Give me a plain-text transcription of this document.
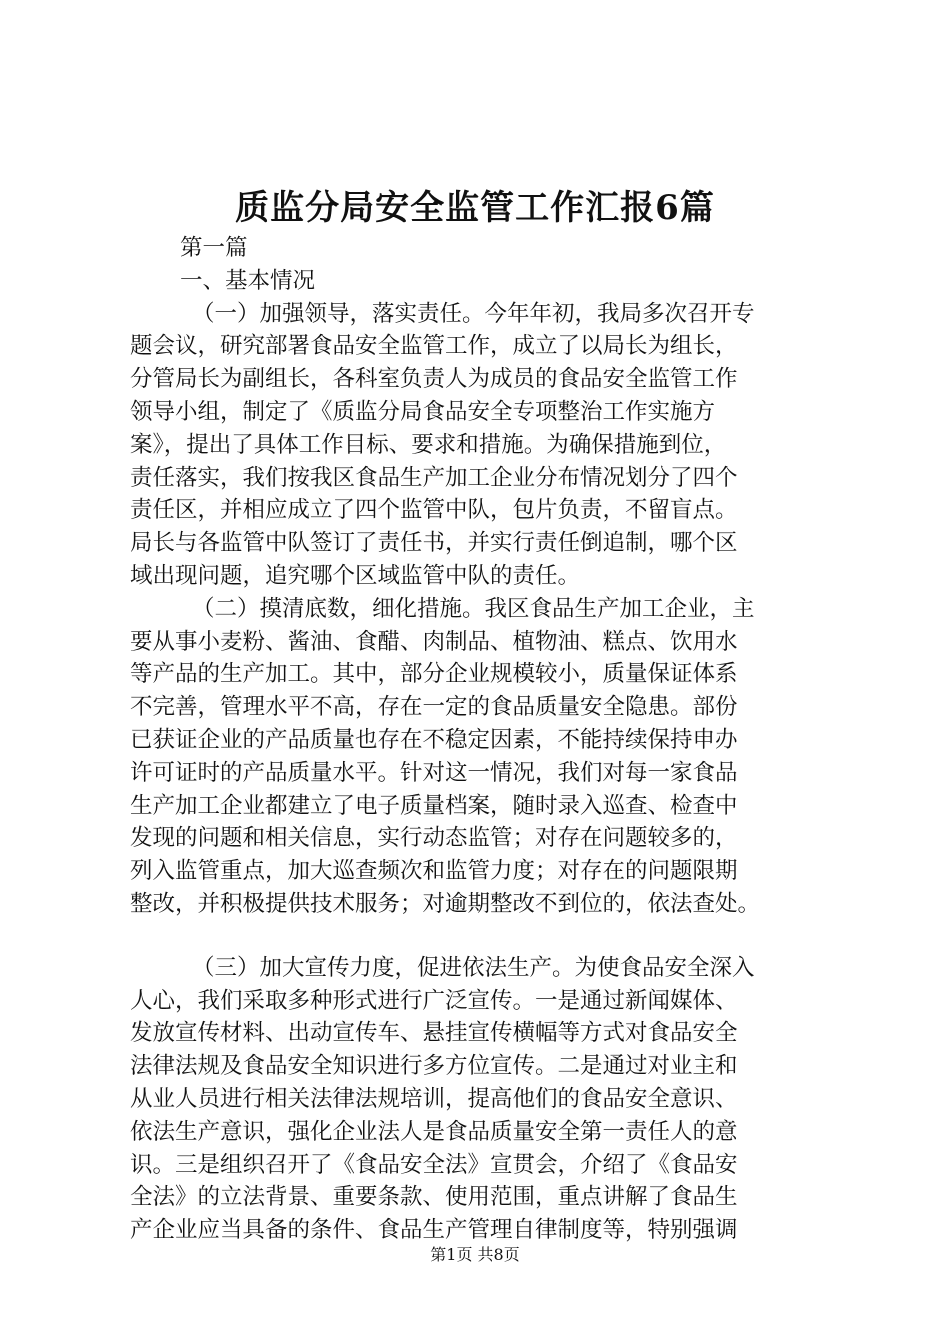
质监分局安全监管工作汇报6篇
第一篇
一、基本情况
（一）加强领导，落实责任。今年年初，我局多次召开专
题会议，研究部署食品安全监管工作，成立了以局长为组长，
分管局长为副组长，各科室负责人为成员的食品安全监管工作
领导小组，制定了《质监分局食品安全专项整治工作实施方
案》，提出了具体工作目标、要求和措施。为确保措施到位，
责任落实，我们按我区食品生产加工企业分布情况划分了四个
责任区，并相应成立了四个监管中队，包片负责，不留盲点。
局长与各监管中队签订了责任书，并实行责任倒追制，哪个区
域出现问题，追究哪个区域监管中队的责任。
（二）摸清底数，细化措施。我区食品生产加工企业，主
要从事小麦粉、酱油、食醋、肉制品、植物油、糕点、饮用水
等产品的生产加工。其中，部分企业规模较小，质量保证体系
不完善，管理水平不高，存在一定的食品质量安全隐患。部份
已获证企业的产品质量也存在不稳定因素，不能持续保持申办
许可证时的产品质量水平。针对这一情况，我们对每一家食品
生产加工企业都建立了电子质量档案，随时录入巡查、检查中
发现的问题和相关信息，实行动态监管；对存在问题较多的，
列入监管重点，加大巡查频次和监管力度；对存在的问题限期
整改，并积极提供技术服务；对逾期整改不到位的，依法查处。
（三）加大宣传力度，促进依法生产。为使食品安全深入
人心，我们采取多种形式进行广泛宣传。一是通过新闻媒体、
发放宣传材料、出动宣传车、悬挂宣传横幅等方式对食品安全
法律法规及食品安全知识进行多方位宣传。二是通过对业主和
从业人员进行相关法律法规培训，提高他们的食品安全意识、
依法生产意识，强化企业法人是食品质量安全第一责任人的意
识。三是组织召开了《食品安全法》宣贯会，介绍了《食品安
全法》的立法背景、重要条款、使用范围，重点讲解了食品生
产企业应当具备的条件、食品生产管理自律制度等，特别强调
第1页 共8页
